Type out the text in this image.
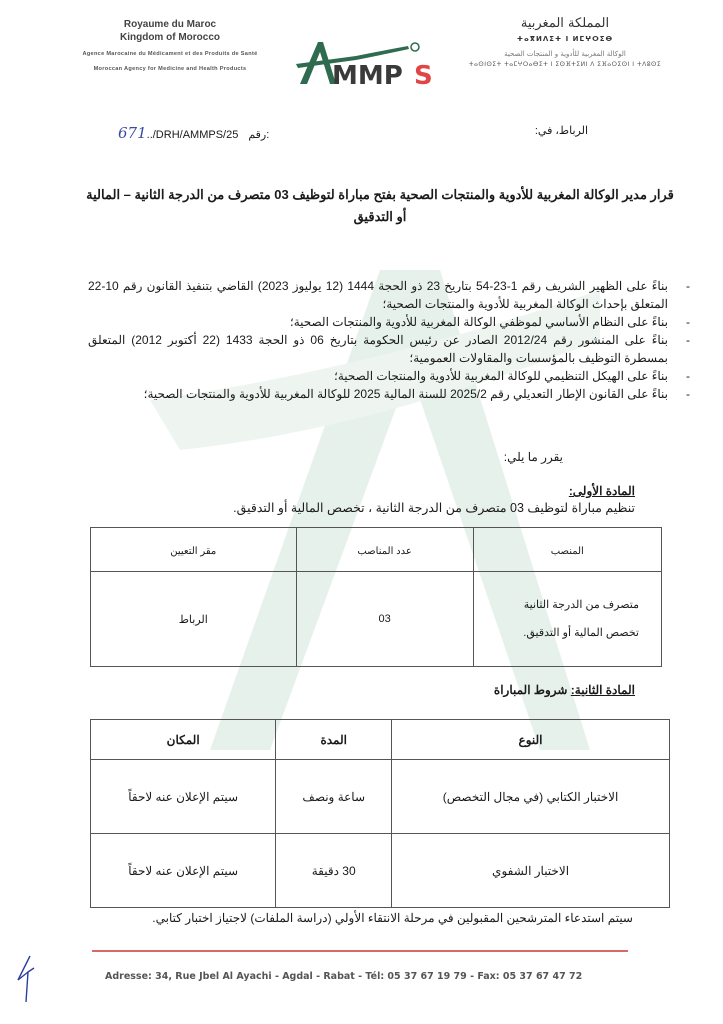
Royaume du Maroc
Kingdom of Morocco
Agence Marocaine du Médicament et des Produits de Santé
Moroccan Agency for Medicine and Health Products	MMP S
المملكة المغربية
ⵜⴰⴳⵍⴷⵉⵜ ⵏ ⵍⵎⵖⵔⵉⴱ
الوكالة المغربية للأدوية و المنتجات الصحية
ⵜⴰⵙⵏⵙⵉⵜ ⵜⴰⵎⵖⵔⴰⴱⵉⵜ ⵏ ⵉⵙⴼⵜⵉⵍⵏ ⴷ ⵉⴼⴰⵔⵉⵙⵏ ⵏ ⵜⴷⵓⵙⵉ
671../DRH/AMMPS/25 رقم:	الرباط، في:
قرار مدير الوكالة المغربية للأدوية والمنتجات الصحية بفتح مباراة لتوظيف 03 متصرف من الدرجة الثانية – المالية أو التدقيق
- بناءً على الظهير الشريف رقم 1-23-54 بتاريخ 23 ذو الحجة 1444 (12 يوليوز 2023) القاضي بتنفيذ القانون رقم 10-22 المتعلق بإحداث الوكالة المغربية للأدوية والمنتجات الصحية؛
- بناءً على النظام الأساسي لموظفي الوكالة المغربية للأدوية والمنتجات الصحية؛
- بناءً على المنشور رقم 2012/24 الصادر عن رئيس الحكومة بتاريخ 06 ذو الحجة 1433 (22 أكتوبر 2012) المتعلق بمسطرة التوظيف بالمؤسسات والمقاولات العمومية؛
- بناءً على الهيكل التنظيمي للوكالة المغربية للأدوية والمنتجات الصحية؛
- بناءً على القانون الإطار التعديلي رقم 2025/2 للسنة المالية 2025 للوكالة المغربية للأدوية والمنتجات الصحية؛
يقرر ما يلي:
المادة الأولى:
تنظيم مباراة لتوظيف 03 متصرف من الدرجة الثانية ، تخصص المالية أو التدقيق.
المنصب	عدد المناصب	مقر التعيين

متصرف من الدرجة الثانية
تخصص المالية أو التدقيق.	03	الرباط
المادة الثانية: شروط المباراة
النوع	المدة	المكان
الاختبار الكتابي (في مجال التخصص)	ساعة ونصف	سيتم الإعلان عنه لاحقاً
الاختبار الشفوي	30 دقيقة	سيتم الإعلان عنه لاحقاً
سيتم استدعاء المترشحين المقبولين في مرحلة الانتقاء الأولي (دراسة الملفات) لاجتياز اختبار كتابي.
Adresse: 34, Rue Jbel Al Ayachi - Agdal - Rabat - Tél: 05 37 67 19 79 - Fax: 05 37 67 47 72
